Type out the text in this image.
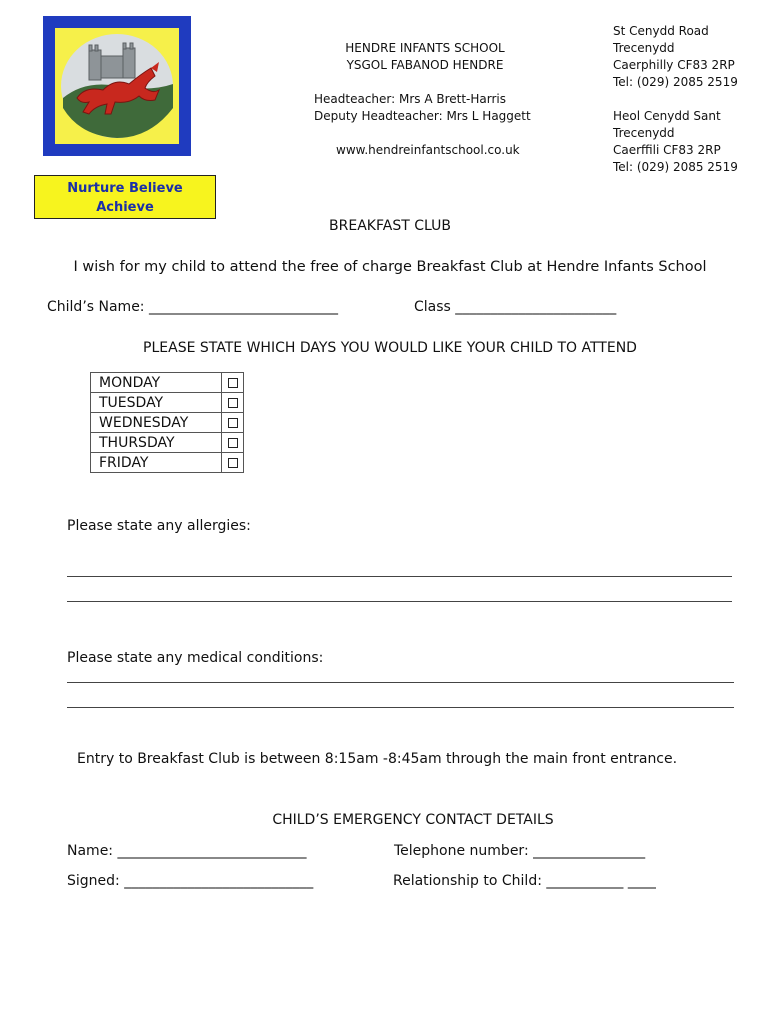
HENDRE INFANTS SCHOOL
YSGOL FABANOD HENDRE
Headteacher: Mrs A Brett-Harris
Deputy Headteacher: Mrs L Haggett
www.hendreinfantschool.co.uk
St Cenydd Road
Trecenydd
Caerphilly CF83 2RP
Tel: (029) 2085 2519
Heol Cenydd Sant
Trecenydd
Caerffili CF83 2RP
Tel: (029) 2085 2519
Nurture Believe
Achieve
BREAKFAST CLUB
I wish for my child to attend the free of charge Breakfast Club at Hendre Infants School
Child’s Name: ___________________________	Class _______________________
PLEASE STATE WHICH DAYS YOU WOULD LIKE YOUR CHILD TO ATTEND
MONDAY	
TUESDAY	
WEDNESDAY	
THURSDAY	
FRIDAY	
Please state any allergies:
Please state any medical conditions:
Entry to Breakfast Club is between 8:15am -8:45am through the main front entrance.
CHILD’S EMERGENCY CONTACT DETAILS
Name: ___________________________	Telephone number: ________________
Signed: ___________________________	Relationship to Child: ___________ ____
